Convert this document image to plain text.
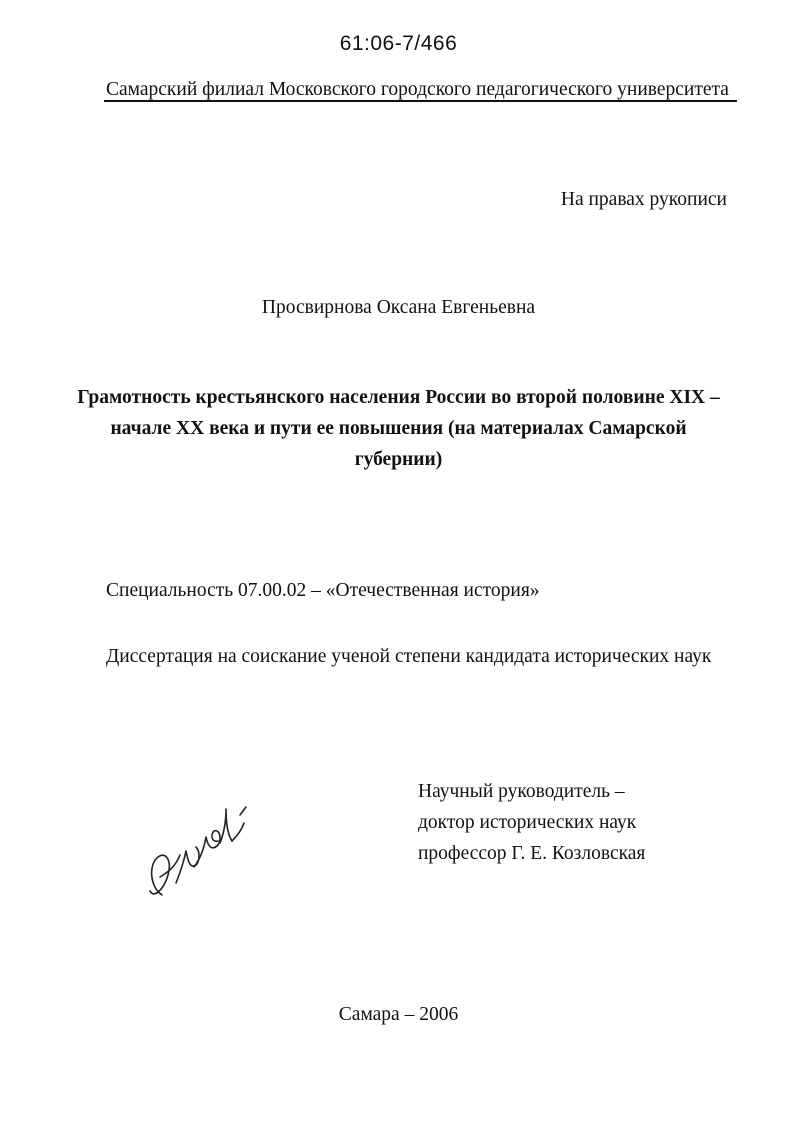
61:06-7/466
Самарский филиал Московского городского педагогического университета
На правах рукописи
Просвирнова Оксана Евгеньевна
Грамотность крестьянского населения России во второй половине XIX –
начале XX века и пути ее повышения (на материалах Самарской
губернии)
Специальность 07.00.02 – «Отечественная история»
Диссертация на соискание ученой степени кандидата исторических наук
Научный руководитель –
доктор исторических наук
профессор Г. Е. Козловская
Самара – 2006
